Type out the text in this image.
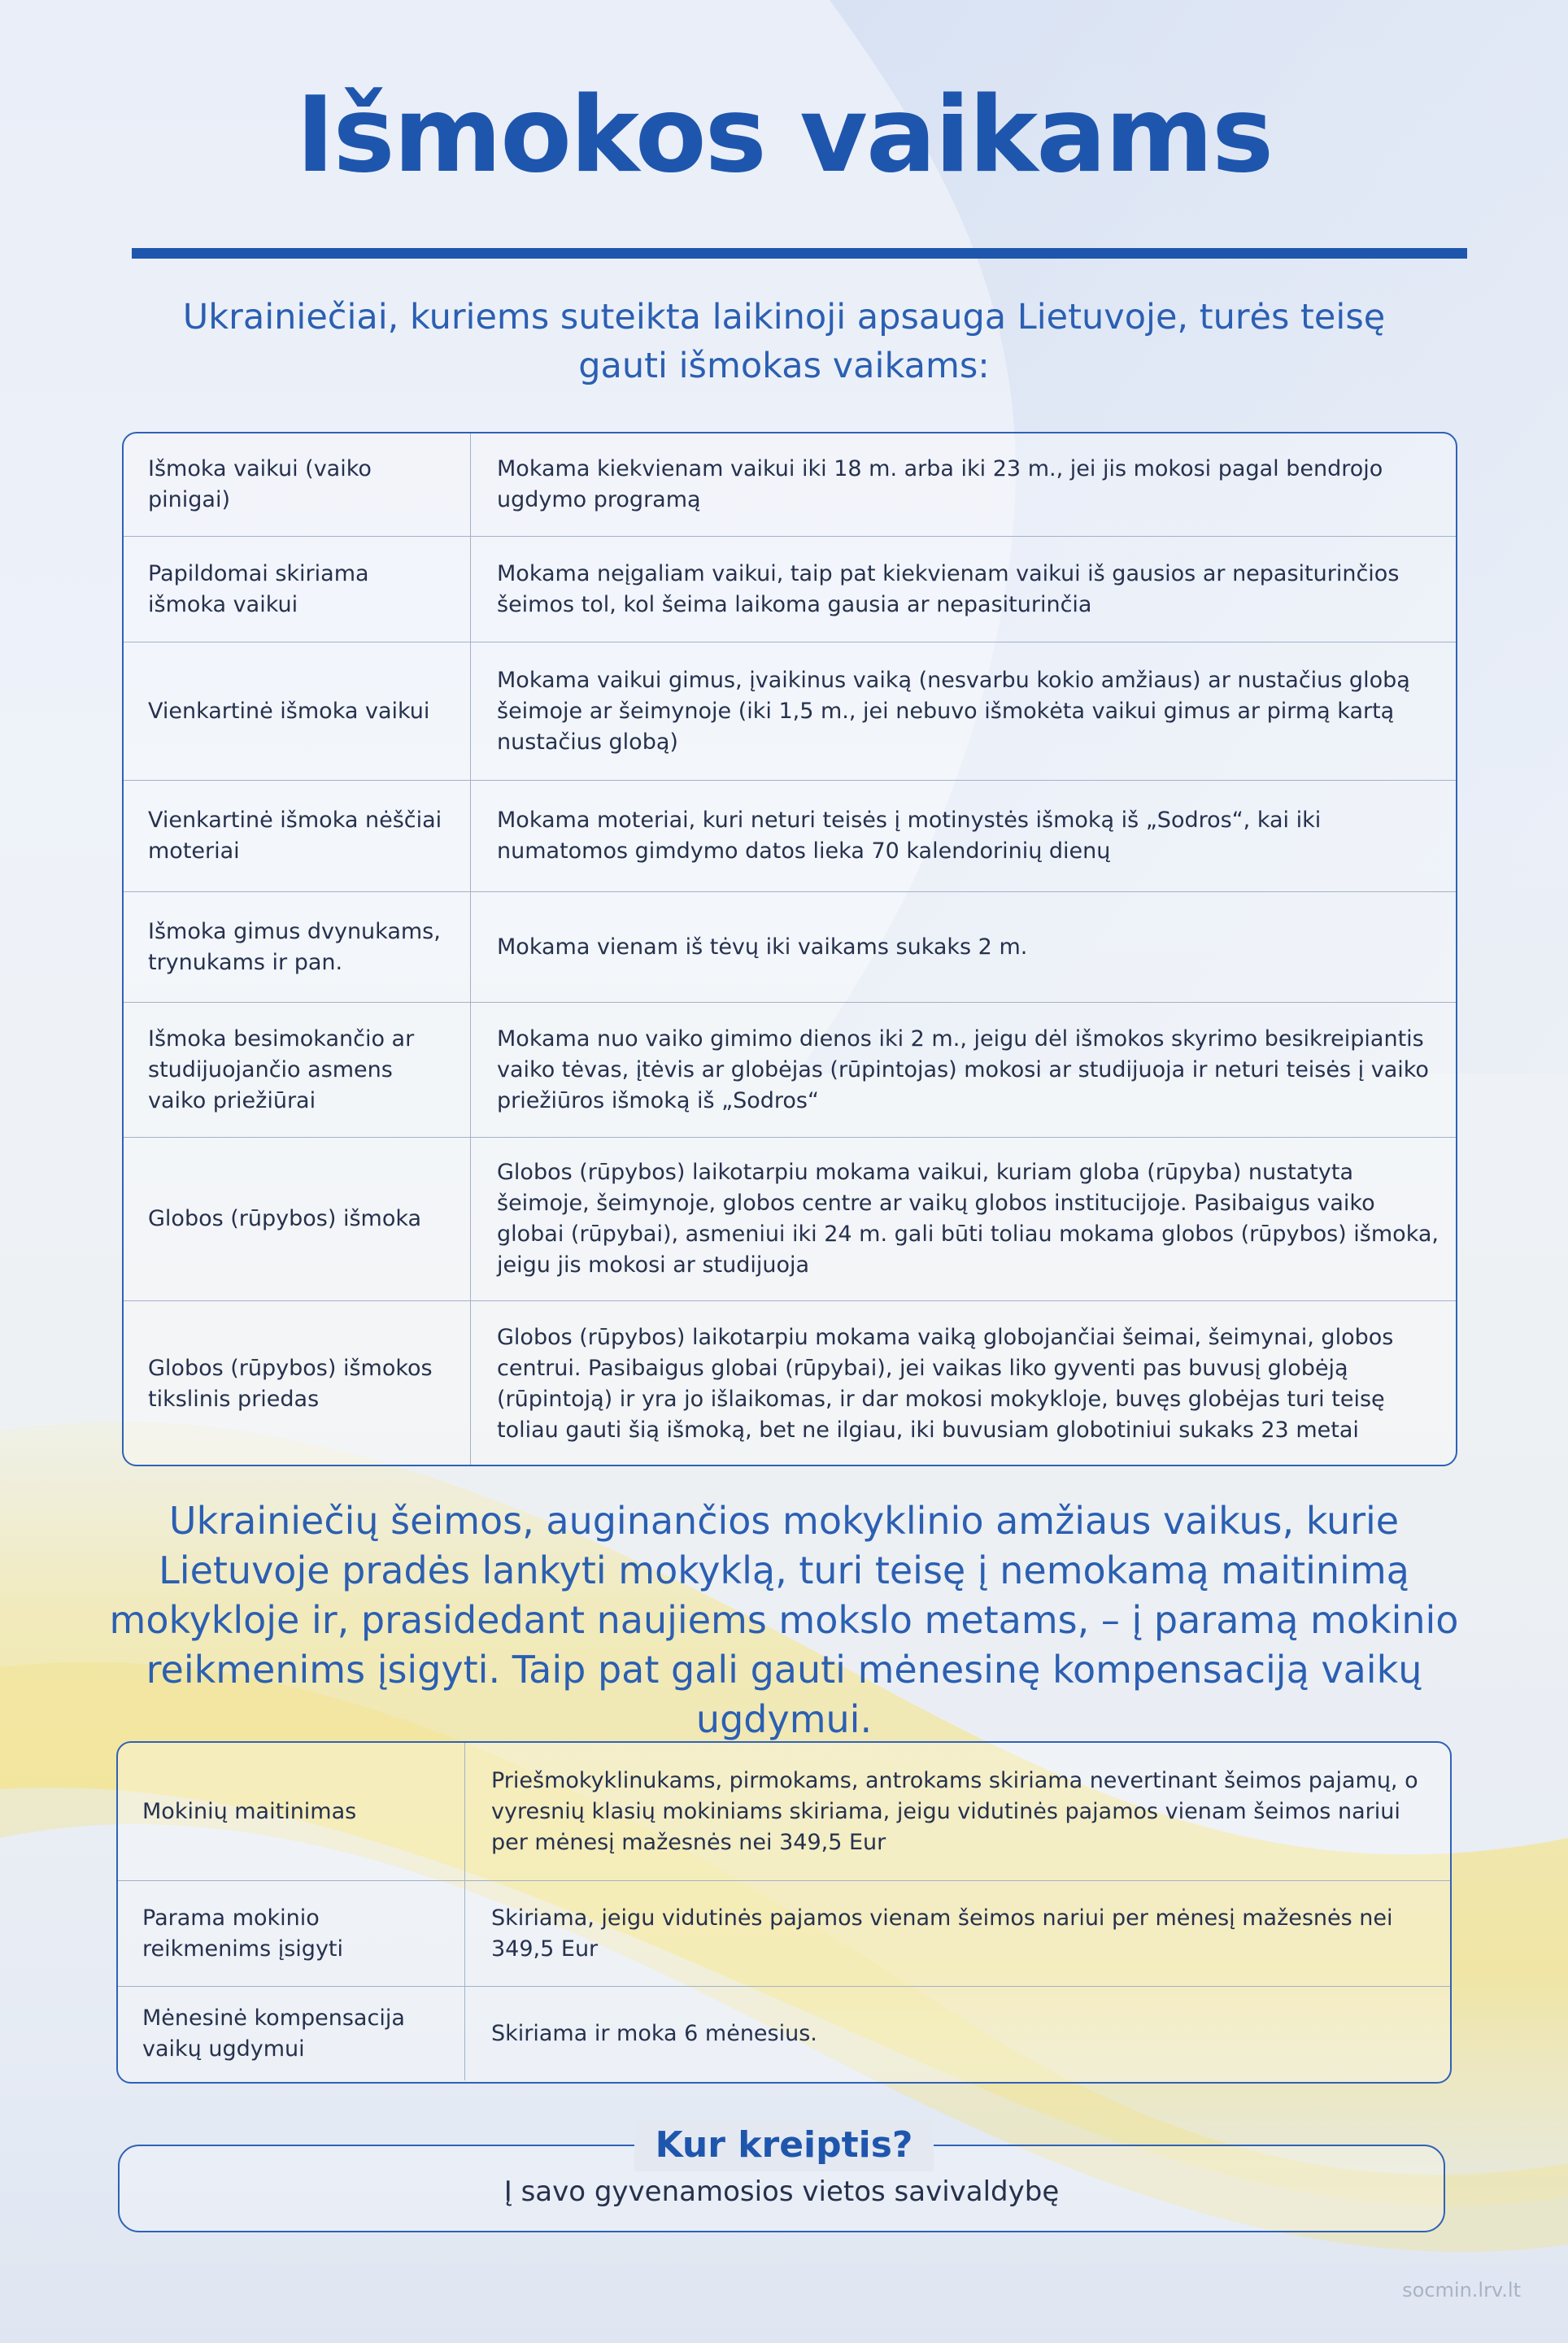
Išmokos vaikams

Ukrainiečiai, kuriems suteikta laikinoji apsauga Lietuvoje, turės teisę gauti išmokas vaikams:

Išmoka vaikui (vaiko pinigai)
Mokama kiekvienam vaikui iki 18 m. arba iki 23 m., jei jis mokosi pagal bendrojo ugdymo programą
Papildomai skiriama išmoka vaikui
Mokama neįgaliam vaikui, taip pat kiekvienam vaikui iš gausios ar nepasiturinčios šeimos tol, kol šeima laikoma gausia ar nepasiturinčia
Vienkartinė išmoka vaikui
Mokama vaikui gimus, įvaikinus vaiką (nesvarbu kokio amžiaus) ar nustačius globą šeimoje ar šeimynoje (iki 1,5 m., jei nebuvo išmokėta vaikui gimus ar pirmą kartą nustačius globą)
Vienkartinė išmoka nėščiai moteriai
Mokama moteriai, kuri neturi teisės į motinystės išmoką iš „Sodros“, kai iki numatomos gimdymo datos lieka 70 kalendorinių dienų
Išmoka gimus dvynukams, trynukams ir pan.
Mokama vienam iš tėvų iki vaikams sukaks 2 m.
Išmoka besimokančio ar studijuojančio asmens vaiko priežiūrai
Mokama nuo vaiko gimimo dienos iki 2 m., jeigu dėl išmokos skyrimo besikreipiantis vaiko tėvas, įtėvis ar globėjas (rūpintojas) mokosi ar studijuoja ir neturi teisės į vaiko priežiūros išmoką iš „Sodros“
Globos (rūpybos) išmoka
Globos (rūpybos) laikotarpiu mokama vaikui, kuriam globa (rūpyba) nustatyta šeimoje, šeimynoje, globos centre ar vaikų globos institucijoje. Pasibaigus vaiko globai (rūpybai), asmeniui iki 24 m. gali būti toliau mokama globos (rūpybos) išmoka, jeigu jis mokosi ar studijuoja
Globos (rūpybos) išmokos tikslinis priedas
Globos (rūpybos) laikotarpiu mokama vaiką globojančiai šeimai, šeimynai, globos centrui. Pasibaigus globai (rūpybai), jei vaikas liko gyventi pas buvusį globėją (rūpintoją) ir yra jo išlaikomas, ir dar mokosi mokykloje, buvęs globėjas turi teisę toliau gauti šią išmoką, bet ne ilgiau, iki buvusiam globotiniui sukaks 23 metai

Ukrainiečių šeimos, auginančios mokyklinio amžiaus vaikus, kurie Lietuvoje pradės lankyti mokyklą, turi teisę į nemokamą maitinimą mokykloje ir, prasidedant naujiems mokslo metams, – į paramą mokinio reikmenims įsigyti. Taip pat gali gauti mėnesinę kompensaciją vaikų ugdymui.

Mokinių maitinimas
Priešmokyklinukams, pirmokams, antrokams skiriama nevertinant šeimos pajamų, o vyresnių klasių mokiniams skiriama, jeigu vidutinės pajamos vienam šeimos nariui per mėnesį mažesnės nei 349,5 Eur
Parama mokinio reikmenims įsigyti
Skiriama, jeigu vidutinės pajamos vienam šeimos nariui per mėnesį mažesnės nei 349,5 Eur
Mėnesinė kompensacija vaikų ugdymui
Skiriama ir moka 6 mėnesius.
Kur kreiptis?
Į savo gyvenamosios vietos savivaldybę
socmin.lrv.lt
